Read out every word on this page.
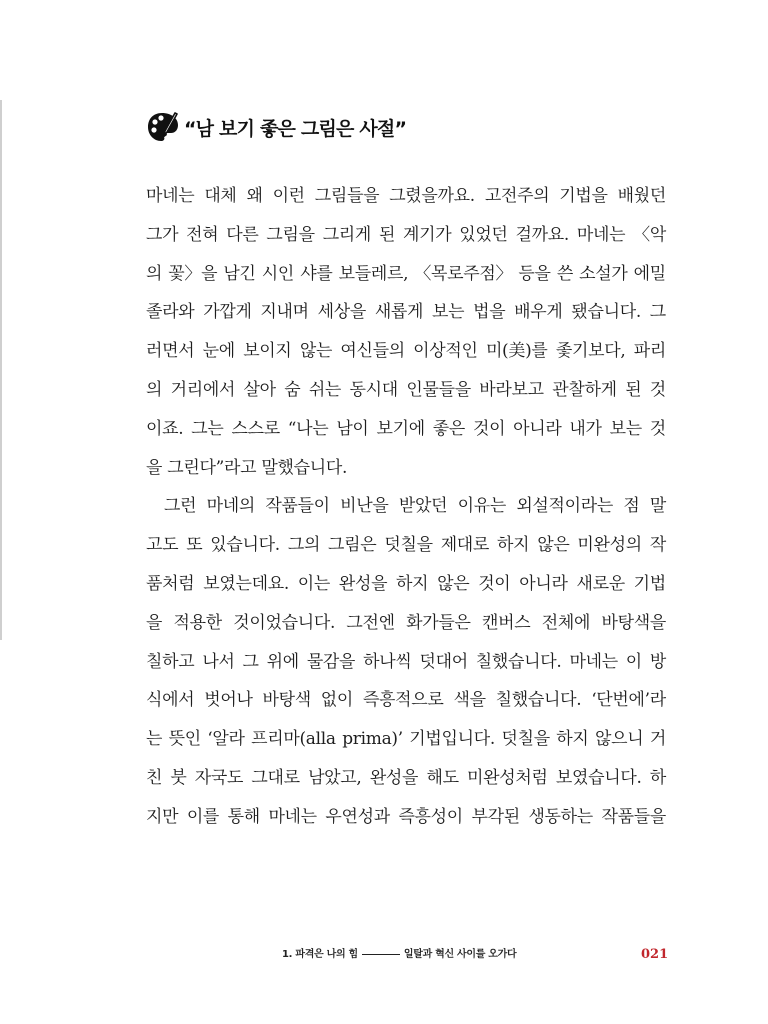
“남 보기 좋은 그림은 사절”
마네는 대체 왜 이런 그림들을 그렸을까요. 고전주의 기법을 배웠던
그가 전혀 다른 그림을 그리게 된 계기가 있었던 걸까요. 마네는 〈악
의 꽃〉을 남긴 시인 샤를 보들레르, 〈목로주점〉 등을 쓴 소설가 에밀
졸라와 가깝게 지내며 세상을 새롭게 보는 법을 배우게 됐습니다. 그
러면서 눈에 보이지 않는 여신들의 이상적인 미(美)를 좇기보다, 파리
의 거리에서 살아 숨 쉬는 동시대 인물들을 바라보고 관찰하게 된 것
이죠. 그는 스스로 “나는 남이 보기에 좋은 것이 아니라 내가 보는 것
을 그린다”라고 말했습니다.
그런 마네의 작품들이 비난을 받았던 이유는 외설적이라는 점 말
고도 또 있습니다. 그의 그림은 덧칠을 제대로 하지 않은 미완성의 작
품처럼 보였는데요. 이는 완성을 하지 않은 것이 아니라 새로운 기법
을 적용한 것이었습니다. 그전엔 화가들은 캔버스 전체에 바탕색을
칠하고 나서 그 위에 물감을 하나씩 덧대어 칠했습니다. 마네는 이 방
식에서 벗어나 바탕색 없이 즉흥적으로 색을 칠했습니다. ‘단번에’라
는 뜻인 ‘알라 프리마(alla prima)’ 기법입니다. 덧칠을 하지 않으니 거
친 붓 자국도 그대로 남았고, 완성을 해도 미완성처럼 보였습니다. 하
지만 이를 통해 마네는 우연성과 즉흥성이 부각된 생동하는 작품들을
1. 파격은 나의 힘	일탈과 혁신 사이를 오가다	021
